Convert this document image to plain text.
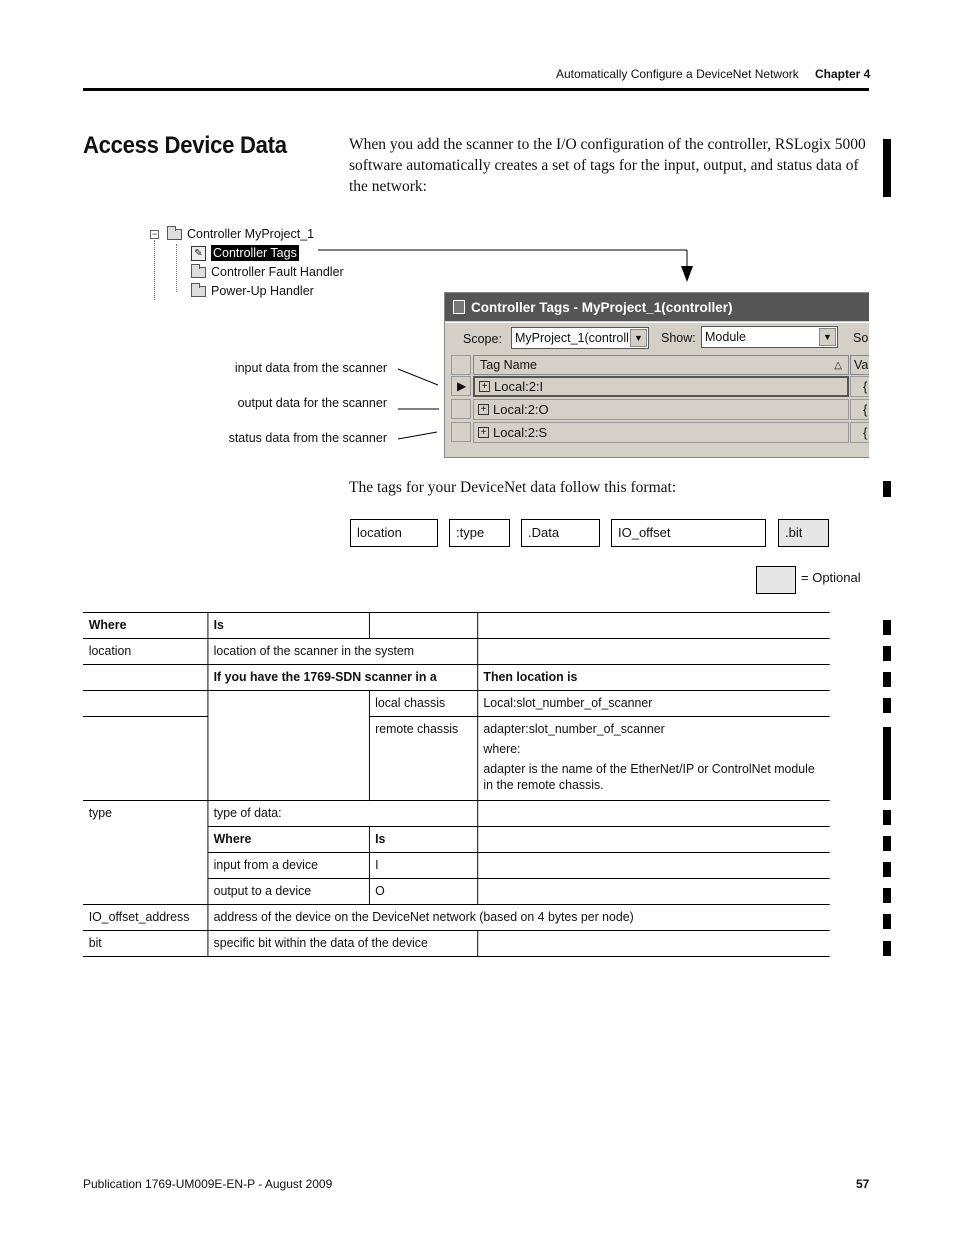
Automatically Configure a DeviceNet Network Chapter 4
Access Device Data	When you add the scanner to the I/O configuration of the controller, RSLogix 5000 software automatically creates a set of tags for the input, output, and status data of the network:
− Controller MyProject_1
✎ Controller Tags
Controller Fault Handler
Power-Up Handler
input data from the scanner
output data for the scanner
status data from the scanner
Controller Tags - MyProject_1(controller)
Scope: MyProject_1(controll ▼	Show: Module	▼	So
Tag Name	△ Va
▶ + Local:2:I	{
+ Local:2:O	{
+ Local:2:S	{
The tags for your DeviceNet data follow this format:
location	:type	.Data	IO_offset	.bit
= Optional
Where	Is		
location	location of the scanner in the system		
	If you have the 1769-SDN scanner in a		Then location is
		local chassis	Local:slot_number_of_scanner
		remote chassis	adapter:slot_number_of_scanner
where:
adapter is the name of the EtherNet/IP or ControlNet module in the remote chassis.

type	type of data:		
	Where	Is	
	input from a device	I	
	output to a device	O	
IO_offset_address	address of the device on the DeviceNet network (based on 4 bytes per node)		
bit	specific bit within the data of the device		
Publication 1769-UM009E-EN-P - August 2009	57
